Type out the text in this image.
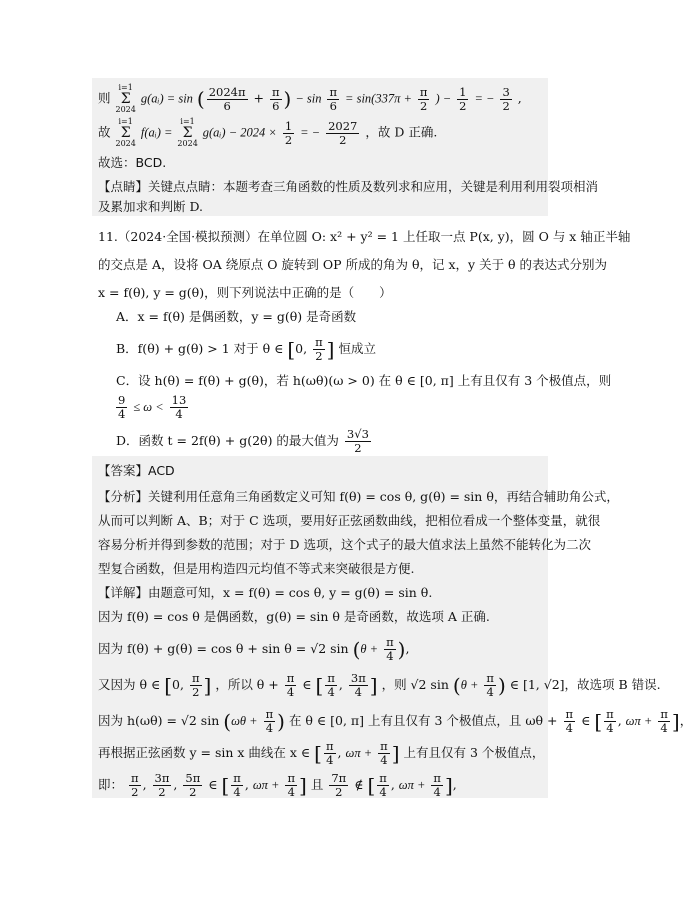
则 i=1
Σ
2024 g(aᵢ) = sin ( $\frac{2024\pi}{6} + \frac{\pi}{6}$ ) − $\sin \frac{\pi}{6} = \sin(337\pi + \frac{\pi}{2}$ ) − $\frac{1}{2}$ = − $\frac{3}{2}$ ,
故 i=1
Σ
2024 f(aᵢ) = i=1
Σ
2024 g(aᵢ) − $2024 \times \frac{1}{2}$ = − $\frac{2027}{2}$ ，故 D 正确.
故选：BCD.
【点睛】关键点点睛：本题考查三角函数的性质及数列求和应用，关键是利用利用裂项相消
及累加求和判断 D.
11.（2024·全国·模拟预测）在单位圆 O: x² + y² = 1 上任取一点 P(x, y)，圆 O 与 x 轴正半轴
的交点是 A，设将 OA 绕原点 O 旋转到 OP 所成的角为 θ，记 x，y 关于 θ 的表达式分别为
x = f(θ), y = g(θ)，则下列说法中正确的是（　　）
A．x = f(θ) 是偶函数，y = g(θ) 是奇函数
B．f(θ) + g(θ) > 1 对于 θ ∈ [0, $\frac{\pi}{2}$ ] 恒成立
C．设 h(θ) = f(θ) + g(θ)，若 h(ωθ)(ω > 0) 在 θ ∈ [0, π] 上有且仅有 3 个极值点，则
$\frac{9}{4} \le \omega < \frac{13}{4}$
D．函数 t = 2f(θ) + g(2θ) 的最大值为 $\frac{3√3}{2}$
【答案】ACD
【分析】关键利用任意角三角函数定义可知 f(θ) = cos θ, g(θ) = sin θ，再结合辅助角公式，
从而可以判断 A、B；对于 C 选项，要用好正弦函数曲线，把相位看成一个整体变量，就很
容易分析并得到参数的范围；对于 D 选项，这个式子的最大值求法上虽然不能转化为二次
型复合函数，但是用构造四元均值不等式来突破很是方便.
【详解】由题意可知，x = f(θ) = cos θ, y = g(θ) = sin θ.
因为 f(θ) = cos θ 是偶函数，g(θ) = sin θ 是奇函数，故选项 A 正确.
因为 f(θ) + g(θ) = cos θ + sin θ = √2 $\sin (\theta + \frac{\pi}{4}$ ),
又因为 θ ∈ [0, $\frac{\pi}{2}$ ] ，所以 $\theta + \frac{\pi}{4}$ ∈ [ $\frac{\pi}{4}$ , $\frac{3\pi}{4}$ ] ，则 √2 $\sin (\theta + \frac{\pi}{4}$ ) ∈ [1, √2]，故选项 B 错误.
因为 h(ωθ) = √2 $\sin (\omega\theta + \frac{\pi}{4}$ ) 在 θ ∈ [0, π] 上有且仅有 3 个极值点，且 $\omega\theta + \frac{\pi}{4}$ ∈ [ $\frac{\pi}{4}$ , $\omega\pi + \frac{\pi}{4}$ ]，
再根据正弦函数 y = sin x 曲线在 x ∈ [ $\frac{\pi}{4}$ , $\omega\pi + \frac{\pi}{4}$ ] 上有且仅有 3 个极值点，
即： $\frac{\pi}{2}$ , $\frac{3\pi}{2}$ , $\frac{5\pi}{2}$ ∈ [ $\frac{\pi}{4}$ , $\omega\pi + \frac{\pi}{4}$ ] 且 $\frac{7\pi}{2}$ ∉ [ $\frac{\pi}{4}$ , $\omega\pi + \frac{\pi}{4}$ ],
